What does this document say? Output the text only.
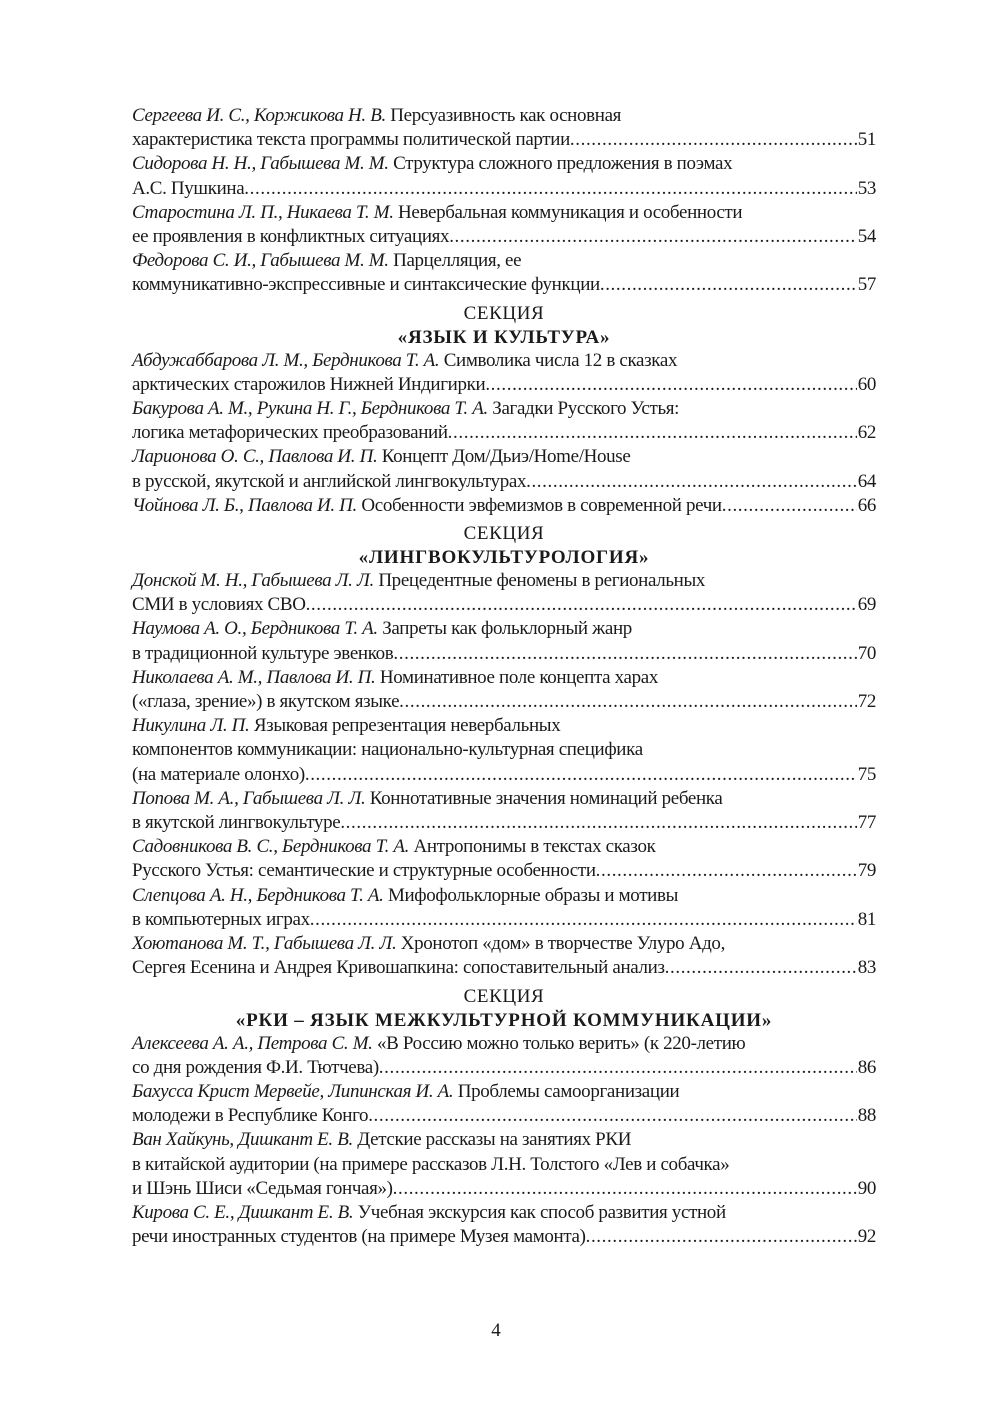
Сергеева И. С., Коржикова Н. В.
Персуазивность как основная
характеристика текста программы политической партии .....	51
Сидорова Н. Н., Габышева М. М.
Структура сложного предложения в поэмах
А.С. Пушкина .....	53
Старостина Л. П., Никаева Т. М.
Невербальная коммуникация и особенности
ее проявления в конфликтных ситуациях .....	54
Федорова С. И., Габышева М. М.
Парцелляция, ее
коммуникативно-экспрессивные и синтаксические функции .....	57
СЕКЦИЯ
«ЯЗЫК И КУЛЬТУРА»
Абдужаббарова Л. М., Бердникова Т. А.
Символика числа 12 в сказках
арктических старожилов Нижней Индигирки .....	60
Бакурова А. М., Рукина Н. Г., Бердникова Т. А.
Загадки Русского Устья:
логика метафорических преобразований .....	62
Ларионова О. С., Павлова И. П.
Концепт Дом/Дьиэ/Home/House
в русской, якутской и английской лингвокультурах .....	64
Чойнова Л. Б., Павлова И. П. Особенности эвфемизмов в современной речи .....	66
СЕКЦИЯ
«ЛИНГВОКУЛЬТУРОЛОГИЯ»
Донской М. Н., Габышева Л. Л.
Прецедентные феномены в региональных
СМИ в условиях СВО .....	69
Наумова А. О., Бердникова Т. А.
Запреты как фольклорный жанр
в традиционной культуре эвенков .....	70
Николаева А. М., Павлова И. П.
Номинативное поле концепта харах
(«глаза, зрение») в якутском языке .....	72
Никулина Л. П.
Языковая репрезентация невербальных
компонентов коммуникации: национально-культурная специфика
(на материале олонхо) .....	75
Попова М. А., Габышева Л. Л.
Коннотативные значения номинаций ребенка
в якутской лингвокультуре .....	77
Садовникова В. С., Бердникова Т. А.
Антропонимы в текстах сказок
Русского Устья: семантические и структурные особенности .....	79
Слепцова А. Н., Бердникова Т. А.
Мифофольклорные образы и мотивы
в компьютерных играх .....	81
Хоютанова М. Т., Габышева Л. Л.
Хронотоп «дом» в творчестве Улуро Адо,
Сергея Есенина и Андрея Кривошапкина: сопоставительный анализ .....	83
СЕКЦИЯ
«РКИ – ЯЗЫК МЕЖКУЛЬТУРНОЙ КОММУНИКАЦИИ»
Алексеева А. А., Петрова С. М.
«В Россию можно только верить» (к 220-летию
со дня рождения Ф.И. Тютчева) .....	86
Бахусса Крист Мервейе, Липинская И. А.
Проблемы самоорганизации
молодежи в Республике Конго .....	88
Ван Хайкунь, Дишкант Е. В.
Детские рассказы на занятиях РКИ
в китайской аудитории (на примере рассказов Л.Н. Толстого «Лев и собачка»
и Шэнь Шиси «Седьмая гончая») .....	90
Кирова С. Е., Дишкант Е. В.
Учебная экскурсия как способ развития устной
речи иностранных студентов (на примере Музея мамонта) .....	92
4
